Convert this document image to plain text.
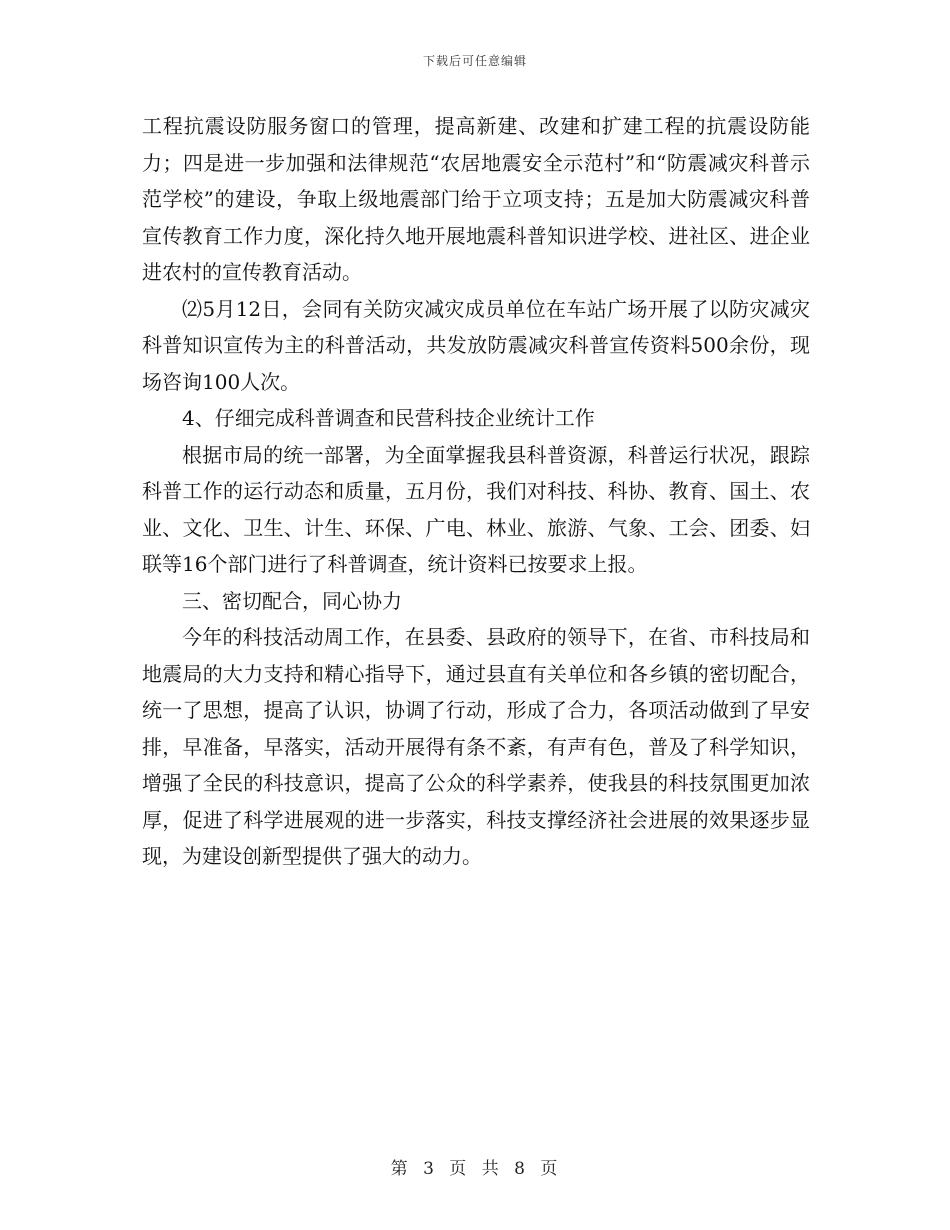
下载后可任意编辑

工程抗震设防服务窗口的管理，提高新建、改建和扩建工程的抗震设防能力；四是进一步加强和法律规范“农居地震安全示范村”和“防震减灾科普示范学校”的建设，争取上级地震部门给于立项支持；五是加大防震减灾科普宣传教育工作力度，深化持久地开展地震科普知识进学校、进社区、进企业进农村的宣传教育活动。

⑵5月12日，会同有关防灾减灾成员单位在车站广场开展了以防灾减灾科普知识宣传为主的科普活动，共发放防震减灾科普宣传资料500余份，现场咨询100人次。

4、仔细完成科普调查和民营科技企业统计工作

根据市局的统一部署，为全面掌握我县科普资源，科普运行状况，跟踪科普工作的运行动态和质量，五月份，我们对科技、科协、教育、国土、农业、文化、卫生、计生、环保、广电、林业、旅游、气象、工会、团委、妇联等16个部门进行了科普调查，统计资料已按要求上报。

三、密切配合，同心协力

今年的科技活动周工作，在县委、县政府的领导下，在省、市科技局和地震局的大力支持和精心指导下，通过县直有关单位和各乡镇的密切配合，统一了思想，提高了认识，协调了行动，形成了合力，各项活动做到了早安排，早准备，早落实，活动开展得有条不紊，有声有色，普及了科学知识，增强了全民的科技意识，提高了公众的科学素养，使我县的科技氛围更加浓厚，促进了科学进展观的进一步落实，科技支撑经济社会进展的效果逐步显现，为建设创新型提供了强大的动力。

第 3 页 共 8 页
